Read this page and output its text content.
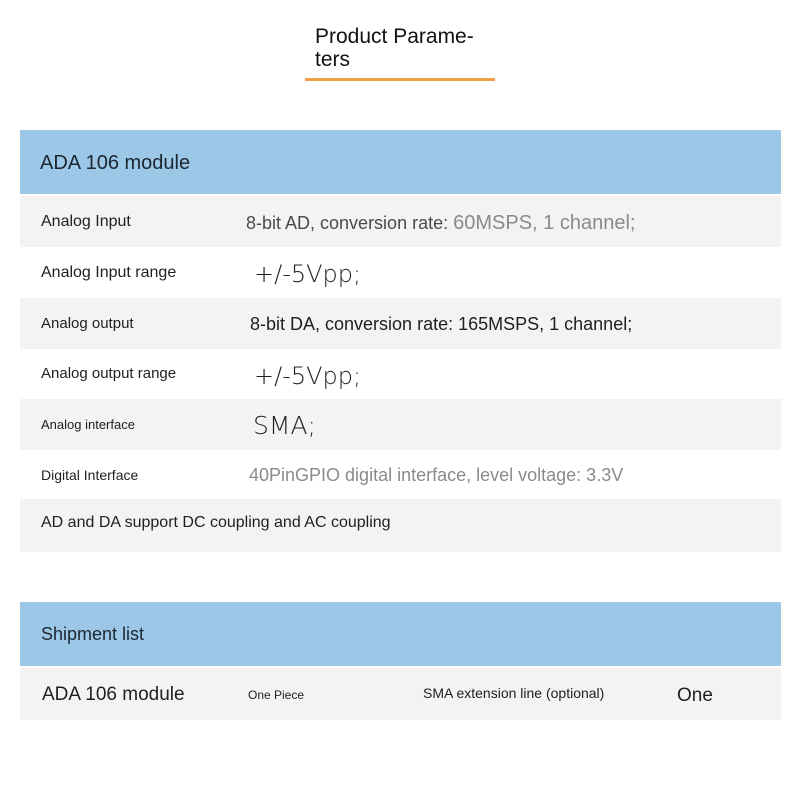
Product Parame-
ters
ADA 106 module
Analog Input	8-bit AD, conversion rate: 60MSPS, 1 channel;
Analog Input range	+/-5Vpp;
Analog output	8-bit DA, conversion rate: 165MSPS, 1 channel;
Analog output range	+/-5Vpp;
Analog interface	SMA;
Digital Interface	40PinGPIO digital interface, level voltage: 3.3V
AD and DA support DC coupling and AC coupling
Shipment list
ADA 106 module	One Piece	SMA extension line (optional)	One
